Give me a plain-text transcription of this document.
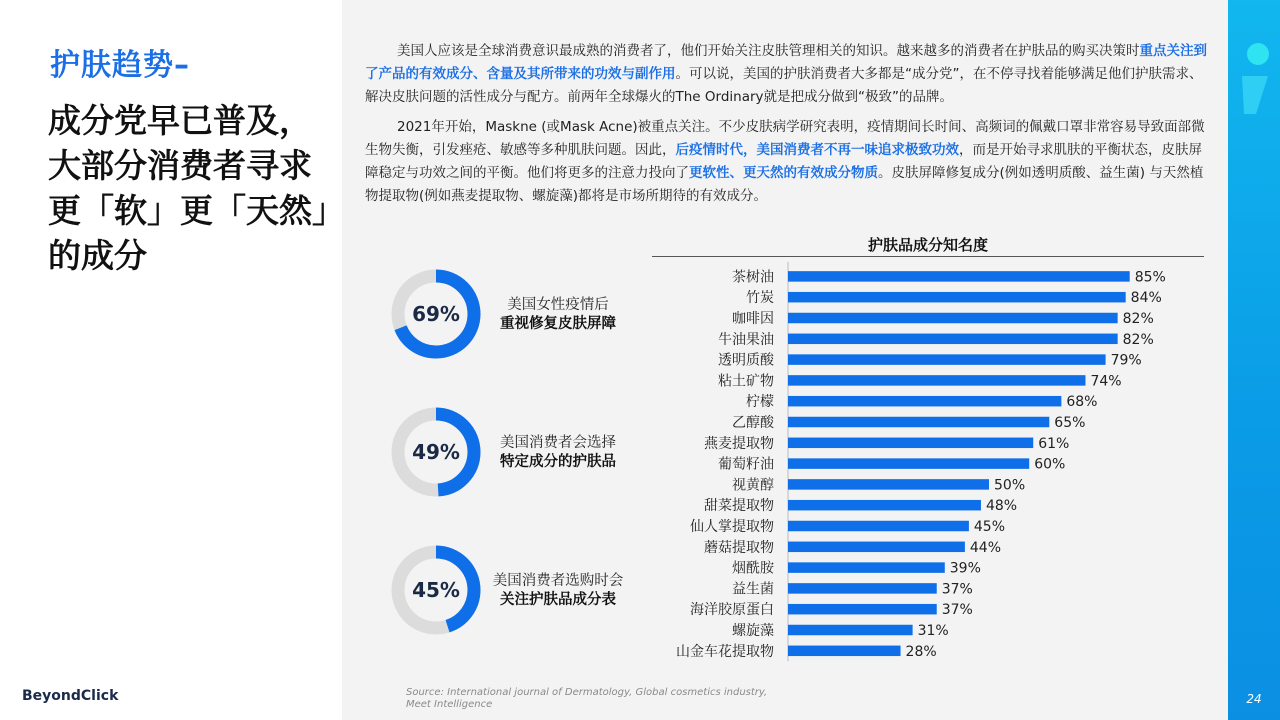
护肤趋势–
成分党早已普及，大部分消费者寻求更「软」更「天然」的成分
BeyondClick

美国人应该是全球消费意识最成熟的消费者了，他们开始关注皮肤管理相关的知识。越来越多的消费者在护肤品的购买决策时重点关注到了产品的有效成分、含量及其所带来的功效与副作用。可以说，美国的护肤消费者大多都是“成分党”，在不停寻找着能够满足他们护肤需求、解决皮肤问题的活性成分与配方。前两年全球爆火的The Ordinary就是把成分做到“极致”的品牌。

2021年开始，Maskne (或Mask Acne)被重点关注。不少皮肤病学研究表明，疫情期间长时间、高频词的佩戴口罩非常容易导致面部微生物失衡，引发痤疮、敏感等多种肌肤问题。因此，后疫情时代，美国消费者不再一味追求极致功效，而是开始寻求肌肤的平衡状态，皮肤屏障稳定与功效之间的平衡。他们将更多的注意力投向了更软性、更天然的有效成分物质。皮肤屏障修复成分(例如透明质酸、益生菌) 与天然植物提取物(例如燕麦提取物、螺旋藻)都将是市场所期待的有效成分。

69%	美国女性疫情后
重视修复皮肤屏障
49%	美国消费者会选择
特定成分的护肤品
45%	美国消费者选购时会
关注护肤品成分表
护肤品成分知名度
茶树油	85%
竹炭	84%
咖啡因	82%
牛油果油	82%
透明质酸	79%
粘土矿物	74%
柠檬	68%
乙醇酸	65%
燕麦提取物	61%
葡萄籽油	60%
视黄醇	50%
甜菜提取物	48%
仙人掌提取物	45%
蘑菇提取物	44%
烟酰胺	39%
益生菌	37%
海洋胶原蛋白	37%
螺旋藻	31%
山金车花提取物	28%
Source: International journal of Dermatology, Global cosmetics industry,
Meet Intelligence	24
